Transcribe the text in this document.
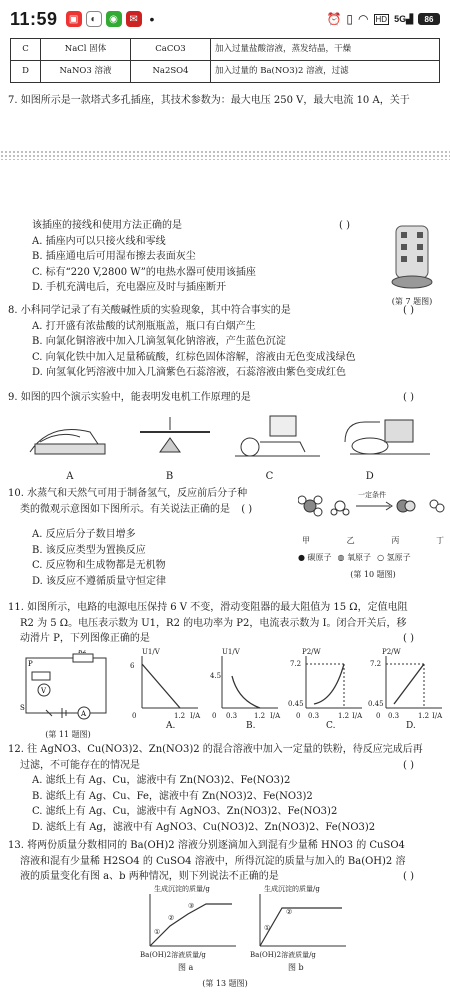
11:59	▣	◐	◉	✉ •	⏰ ▯ ◠ HD 5G▟ 86
C	NaCl 固体	CaCO3	加入过量盐酸溶液，蒸发结晶，干燥
D	NaNO3 溶液	Na2SO4	加入过量的 Ba(NO3)2 溶液，过滤

7. 如图所示是一款塔式多孔插座，其技术参数为：最大电压 250 V，最大电流 10 A，关于

该插座的接线和使用方法正确的是	( )

A. 插座内可以只接火线和零线

B. 插座通电后可用湿布擦去表面灰尘

C. 标有“220 V,2800 W”的电热水器可使用该插座

D. 手机充满电后，充电器应及时与插座断开

(第 7 题图)

8. 小科同学记录了有关酸碱性质的实验现象，其中符合事实的是	( )

A. 打开盛有浓盐酸的试剂瓶瓶盖，瓶口有白烟产生

B. 向氯化铜溶液中加入几滴氢氧化钠溶液，产生蓝色沉淀

C. 向氧化铁中加入足量稀硫酸，红棕色固体溶解，溶液由无色变成浅绿色

D. 向氢氧化钙溶液中加入几滴紫色石蕊溶液，石蕊溶液由紫色变成红色

9. 如图的四个演示实验中，能表明发电机工作原理的是	( )

A	B	C	D

10. 水蒸气和天然气可用于制备氢气，反应前后分子种

类的微观示意图如下图所示。有关说法正确的是 ( )

A. 反应后分子数目增多

B. 该反应类型为置换反应

C. 反应物和生成物都是无机物

D. 该反应不遵循质量守恒定律

一定条件
甲	乙	丙	丁
● 碳原子 ◍ 氧原子 ○ 氢原子
(第 10 题图)

11. 如图所示，电路的电源电压保持 6 V 不变，滑动变阻器的最大阻值为 15 Ω，定值电阻

R2 为 5 Ω。电压表示数为 U1，R2 的电功率为 P2，电流表示数为 I。闭合开关后，移

动滑片 P，下列图像正确的是	( )

V
A
P
R2
S
(第 11 题图)
U1/V
6
0	1.2 I/A
A.
U1/V
4.5
0 0.3 1.2 I/A
B.
P2/W
7.2
0.45
0 0.3	1.2 I/A
C.
P2/W
7.2
0.45
0 0.3	1.2 I/A
D.

12. 往 AgNO3、Cu(NO3)2、Zn(NO3)2 的混合溶液中加入一定量的铁粉，待反应完成后再

过滤，不可能存在的情况是	( )

A. 滤纸上有 Ag、Cu，滤液中有 Zn(NO3)2、Fe(NO3)2

B. 滤纸上有 Ag、Cu、Fe，滤液中有 Zn(NO3)2、Fe(NO3)2

C. 滤纸上有 Ag、Cu，滤液中有 AgNO3、Zn(NO3)2、Fe(NO3)2

D. 滤纸上有 Ag，滤液中有 AgNO3、Cu(NO3)2、Zn(NO3)2、Fe(NO3)2

13. 将两份质量分数相同的 Ba(OH)2 溶液分别逐滴加入到混有少量稀 HNO3 的 CuSO4

溶液和混有少量稀 H2SO4 的 CuSO4 溶液中，所得沉淀的质量与加入的 Ba(OH)2 溶

液的质量变化有图 a、b 两种情况，则下列说法不正确的是	( )

生成沉淀的质量/g
①
②
③
Ba(OH)2溶液质量/g
图 a
生成沉淀的质量/g
①
②
Ba(OH)2溶液质量/g
图 b
(第 13 题图)
